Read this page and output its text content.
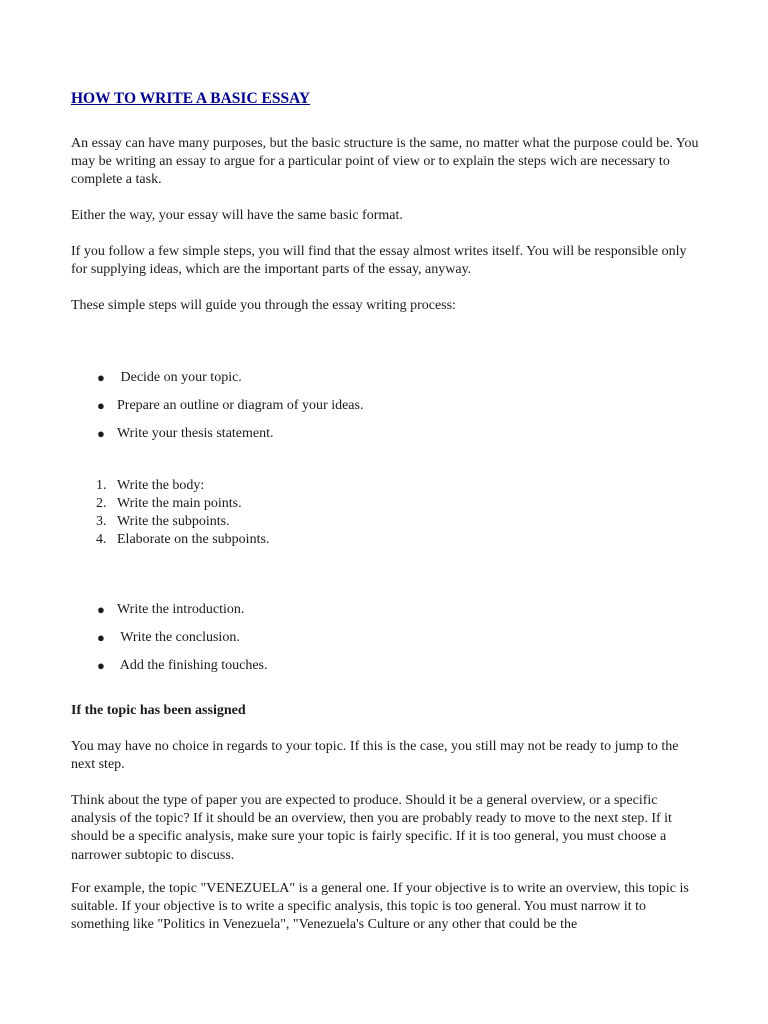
HOW TO WRITE A BASIC ESSAY

An essay can have many purposes, but the basic structure is the same, no matter what the purpose could be. You may be writing an essay to argue for a particular point of view or to explain the steps wich are necessary to complete a task.

Either the way, your essay will have the same basic format.

If you follow a few simple steps, you will find that the essay almost writes itself. You will be responsible only for supplying ideas, which are the important parts of the essay, anyway.

These simple steps will guide you through the essay writing process:

● Decide on your topic.
● Prepare an outline or diagram of your ideas.
● Write your thesis statement.
1. Write the body:
2. Write the main points.
3. Write the subpoints.
4. Elaborate on the subpoints.
● Write the introduction.
● Write the conclusion.
● Add the finishing touches.

If the topic has been assigned

You may have no choice in regards to your topic. If this is the case, you still may not be ready to jump to the next step.

Think about the type of paper you are expected to produce. Should it be a general overview, or a specific analysis of the topic? If it should be an overview, then you are probably ready to move to the next step. If it should be a specific analysis, make sure your topic is fairly specific. If it is too general, you must choose a narrower subtopic to discuss.

For example, the topic "VENEZUELA" is a general one. If your objective is to write an overview, this topic is suitable. If your objective is to write a specific analysis, this topic is too general. You must narrow it to something like "Politics in Venezuela", "Venezuela's Culture or any other that could be the
